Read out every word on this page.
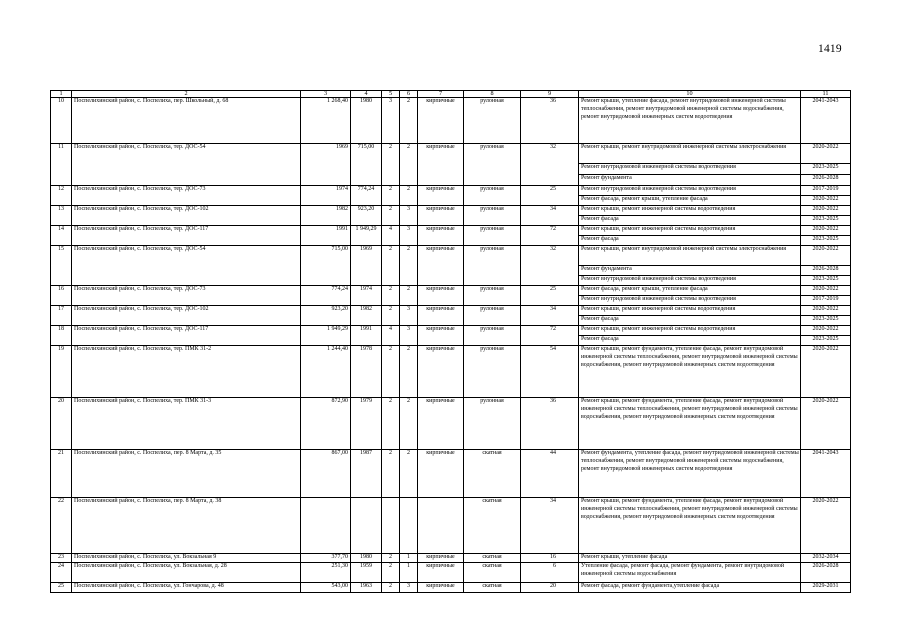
1419
1	2	3	4	5	6	7	8	9	10	11
10	Поспелихинский район, с. Поспелиха, пер. Школьный, д. 68	1 268,40	1980	3	2	кирпичные	рулонная	36	Ремонт крыши, утепление фасада, ремонт внутридомовой инженерной системы теплоснабжения, ремонт внутридомовой инженерной системы водоснабжения, ремонт внутридомовой инженерных систем водоотведения	2041-2043
11	Поспелихинский район, с. Поспелиха, тер. ДОС-54	1969	715,00	2	2	кирпичные	рулонная	32	Ремонт крыши, ремонт внутридомовой инженерной системы электроснабжения	2020-2022
									Ремонт внутридомовой инженерной системы водоотведения	2023-2025
									Ремонт фундамента	2026-2028
12	Поспелихинский район, с. Поспелиха, тер. ДОС-73	1974	774,24	2	2	кирпичные	рулонная	25	Ремонт внутридомовой инженерной системы водоотведения	2017-2019
									Ремонт фасада, ремонт крыши, утепление фасада	2020-2022
13	Поспелихинский район, с. Поспелиха, тер. ДОС-102	1982	923,20	2	3	кирпичные	рулонная	34	Ремонт крыши, ремонт инженерной системы водоотведения	2020-2022
									Ремонт фасада	2023-2025
14	Поспелихинский район, с. Поспелиха, тер. ДОС-117	1991	1 949,29	4	3	кирпичные	рулонная	72	Ремонт крыши, ремонт инженерной системы водоотведения	2020-2022
									Ремонт фасада	2023-2025
15	Поспелихинский район, с. Поспелиха, тер. ДОС-54	715,00	1969	2	2	кирпичные	рулонная	32	Ремонт крыши, ремонт внутридомовой инженерной системы электроснабжения	2020-2022
									Ремонт фундамента	2026-2028
									Ремонт внутридомовой инженерной системы водоотведения	2023-2025
16	Поспелихинский район, с. Поспелиха, тер. ДОС-73	774,24	1974	2	2	кирпичные	рулонная	25	Ремонт фасада, ремонт крыши, утепление фасада	2020-2022
									Ремонт внутридомовой инженерной системы водоотведения	2017-2019
17	Поспелихинский район, с. Поспелиха, тер. ДОС-102	923,20	1982	2	3	кирпичные	рулонная	34	Ремонт крыши, ремонт инженерной системы водоотведения	2020-2022
									Ремонт фасада	2023-2025
18	Поспелихинский район, с. Поспелиха, тер. ДОС-117	1 949,29	1991	4	3	кирпичные	рулонная	72	Ремонт крыши, ремонт инженерной системы водоотведения	2020-2022
									Ремонт фасада	2023-2025
19	Поспелихинский район, с. Поспелиха, тер. ПМК 31-2	1 244,40	1978	2	2	кирпичные	рулонная	54	Ремонт крыши, ремонт фундамента, утепление фасада, ремонт внутридомовой инженерной системы теплоснабжения, ремонт внутридомовой инженерной системы водоснабжения, ремонт внутридомовой инженерных систем водоотведения	2020-2022
20	Поспелихинский район, с. Поспелиха, тер. ПМК 31-3	872,90	1979	2	2	кирпичные	рулонная	36	Ремонт крыши, ремонт фундамента, утепление фасада, ремонт внутридомовой инженерной системы теплоснабжения, ремонт внутридомовой инженерной системы водоснабжения, ремонт внутридомовой инженерных систем водоотведения	2020-2022
21	Поспелихинский район, с. Поспелиха, пер. 8 Марта, д. 35	867,00	1987	2	2	кирпичные	скатная	44	Ремонт фундамента, утепление фасада, ремонт внутридомовой инженерной системы теплоснабжения, ремонт внутридомовой инженерной системы водоснабжения, ремонт внутридомовой инженерных систем водоотведения	2041-2043
22	Поспелихинский район, с. Поспелиха, пер. 8 Марта, д. 38						скатная	34	Ремонт крыши, ремонт фундамента, утепление фасада, ремонт внутридомовой инженерной системы теплоснабжения, ремонт внутридомовой инженерной системы водоснабжения, ремонт внутридомовой инженерных систем водоотведения	2020-2022
23	Поспелихинский район, с. Поспелиха, ул. Вокзальная 9	377,70	1980	2	1	кирпичные	скатная	16	Ремонт крыши, утепление фасада	2032-2034
24	Поспелихинский район, с. Поспелиха, ул. Вокзальная, д. 28	251,30	1959	2	1	кирпичные	скатная	6	Утепление фасада, ремонт фасада, ремонт фундамента, ремонт внутридомовой инженерной системы водоснабжения	2026-2028
25	Поспелихинский район, с. Поспелиха, ул. Гончарова, д. 48	543,00	1963	2	3	кирпичные	скатная	20	Ремонт фасада, ремонт фундамента,утепление фасада	2029-2031
